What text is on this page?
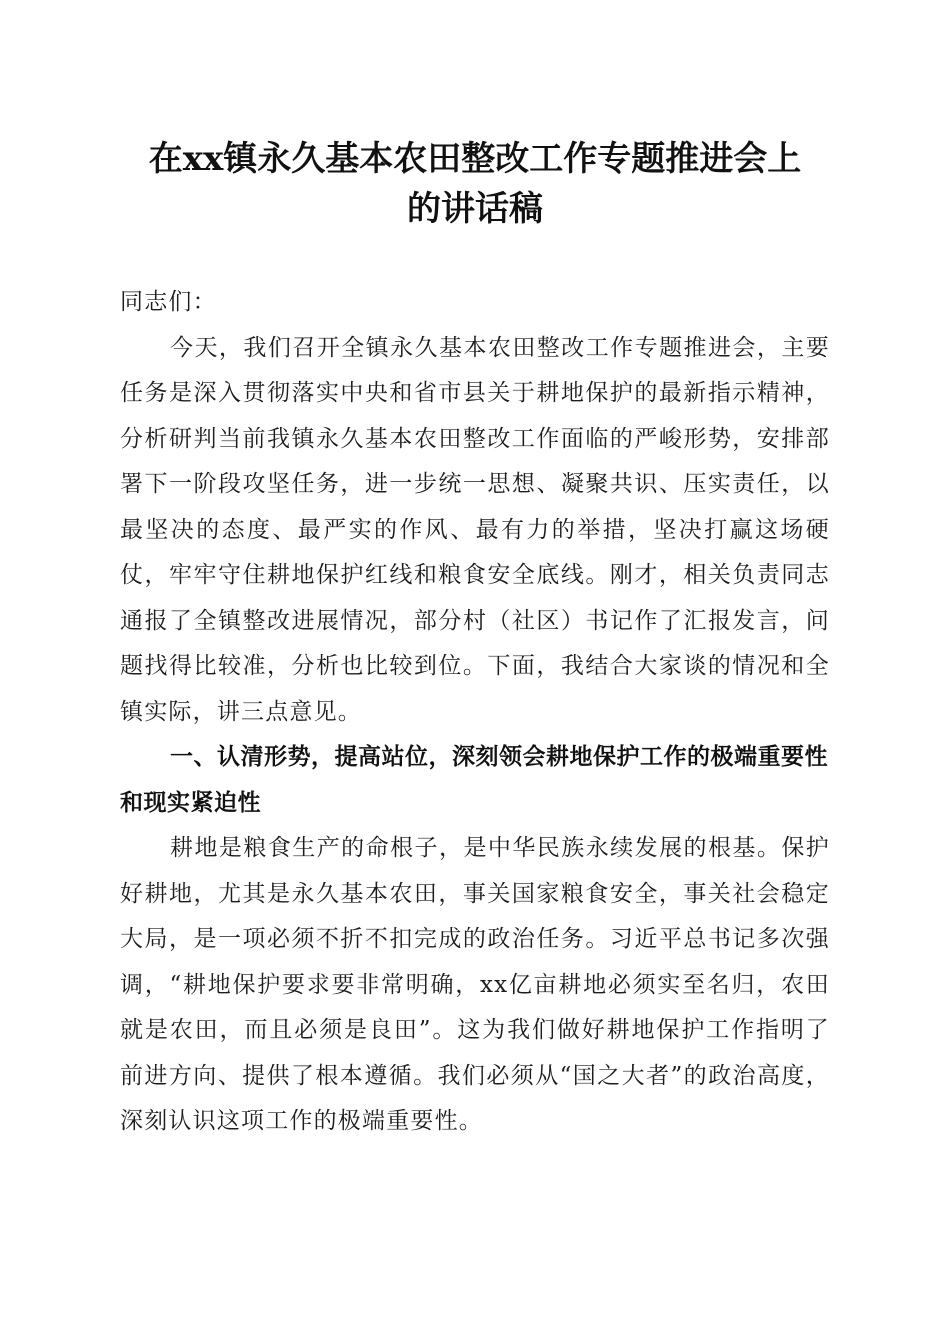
在xx镇永久基本农田整改工作专题推进会上
的讲话稿

同志们：

今天，我们召开全镇永久基本农田整改工作专题推进会，主要任务是深入贯彻落实中央和省市县关于耕地保护的最新指示精神，分析研判当前我镇永久基本农田整改工作面临的严峻形势，安排部署下一阶段攻坚任务，进一步统一思想、凝聚共识、压实责任，以最坚决的态度、最严实的作风、最有力的举措，坚决打赢这场硬仗，牢牢守住耕地保护红线和粮食安全底线。刚才，相关负责同志通报了全镇整改进展情况，部分村（社区）书记作了汇报发言，问题找得比较准，分析也比较到位。下面，我结合大家谈的情况和全镇实际，讲三点意见。

一、认清形势，提高站位，深刻领会耕地保护工作的极端重要性和现实紧迫性

耕地是粮食生产的命根子，是中华民族永续发展的根基。保护好耕地，尤其是永久基本农田，事关国家粮食安全，事关社会稳定大局，是一项必须不折不扣完成的政治任务。习近平总书记多次强调，“耕地保护要求要非常明确，xx亿亩耕地必须实至名归，农田就是农田，而且必须是良田”。这为我们做好耕地保护工作指明了前进方向、提供了根本遵循。我们必须从“国之大者”的政治高度，深刻认识这项工作的极端重要性。
